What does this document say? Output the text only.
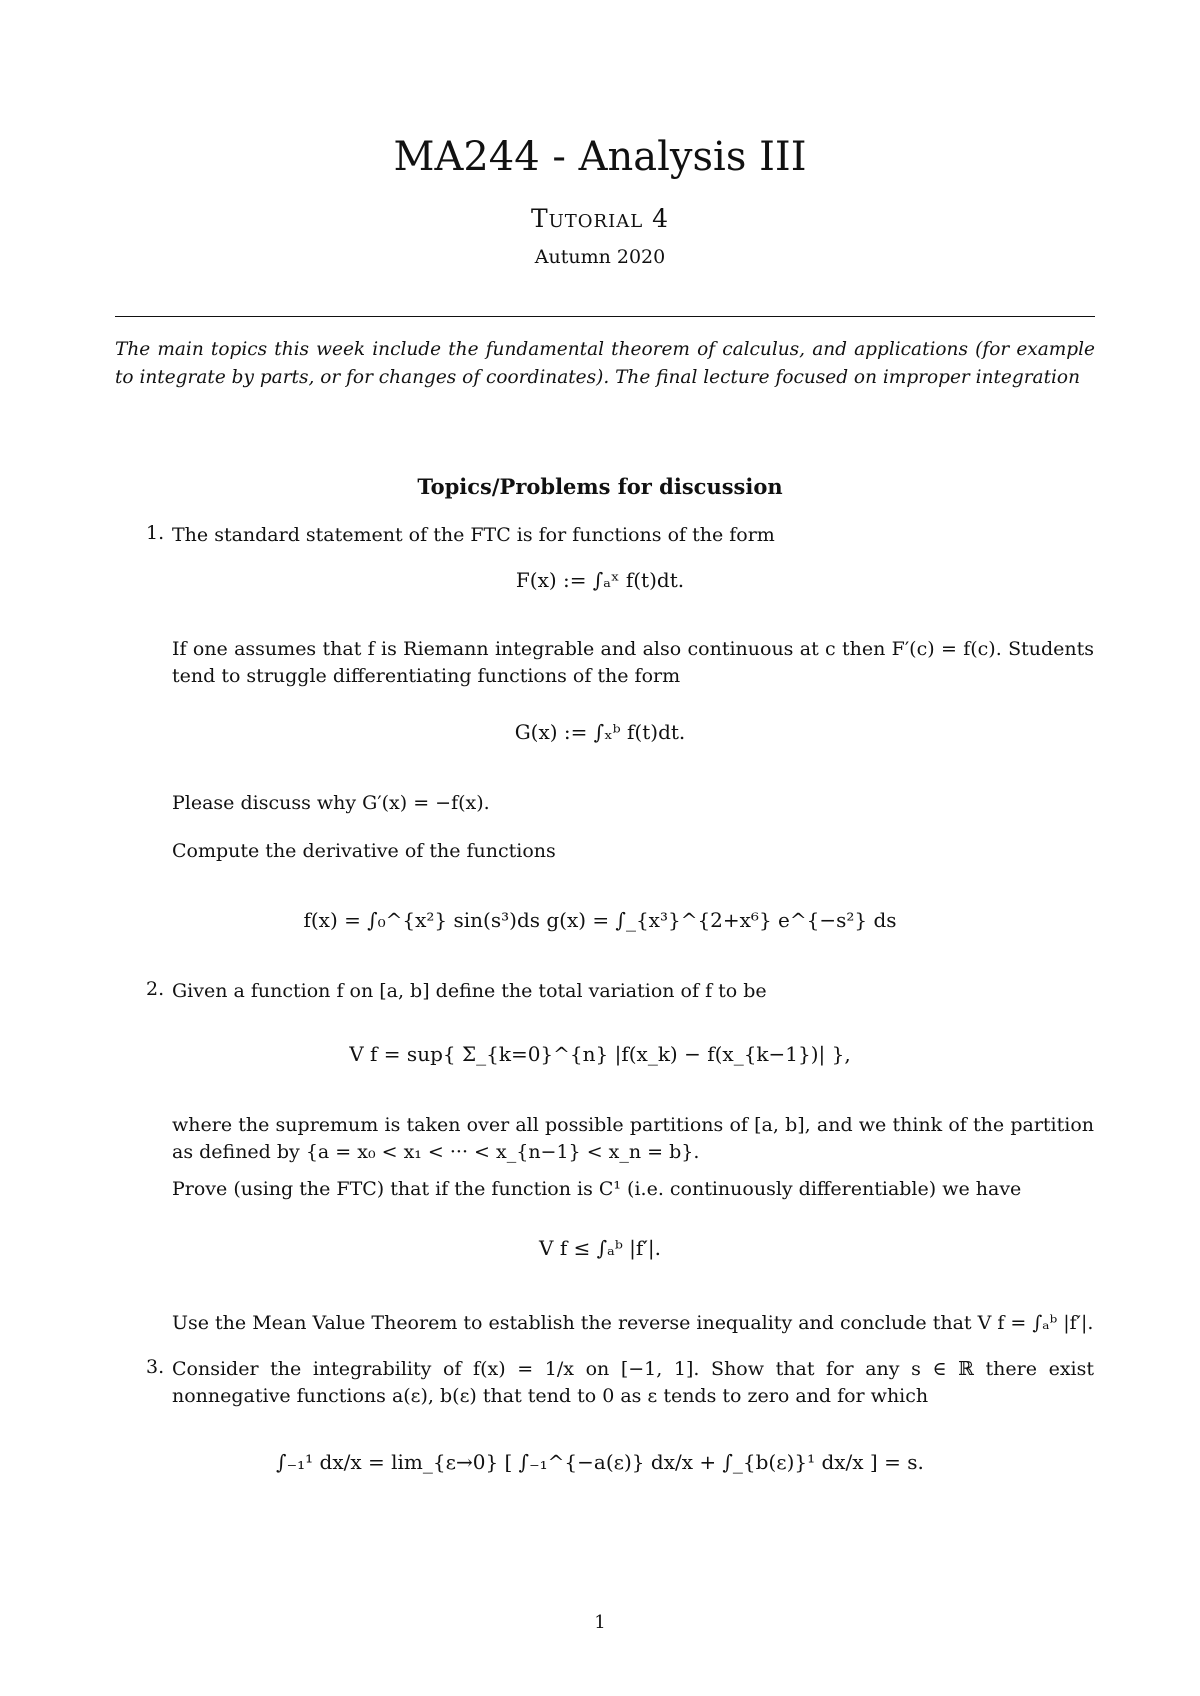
MA244 - Analysis III
Tutorial 4
Autumn 2020
The main topics this week include the fundamental theorem of calculus, and applications (for example to integrate by parts, or for changes of coordinates). The final lecture focused on improper integration
Topics/Problems for discussion
1. The standard statement of the FTC is for functions of the form
F(x) := ∫ₐˣ f(t)dt.
If one assumes that f is Riemann integrable and also continuous at c then F′(c) = f(c). Students tend to struggle differentiating functions of the form
G(x) := ∫ₓᵇ f(t)dt.
Please discuss why G′(x) = −f(x).
Compute the derivative of the functions
f(x) = ∫₀^{x²} sin(s³)ds g(x) = ∫_{x³}^{2+x⁶} e^{−s²} ds
2. Given a function f on [a, b] define the total variation of f to be
V f = sup{ Σ_{k=0}^{n} |f(x_k) − f(x_{k−1})| },
where the supremum is taken over all possible partitions of [a, b], and we think of the partition as defined by {a = x₀ < x₁ < ··· < x_{n−1} < x_n = b}.
Prove (using the FTC) that if the function is C¹ (i.e. continuously differentiable) we have
V f ≤ ∫ₐᵇ |f′|.
Use the Mean Value Theorem to establish the reverse inequality and conclude that V f = ∫ₐᵇ |f′|.
3. Consider the integrability of f(x) = 1/x on [−1, 1]. Show that for any s ∈ ℝ there exist nonnegative functions a(ε), b(ε) that tend to 0 as ε tends to zero and for which
∫₋₁¹ dx/x = lim_{ε→0} [ ∫₋₁^{−a(ε)} dx/x + ∫_{b(ε)}¹ dx/x ] = s.
1
